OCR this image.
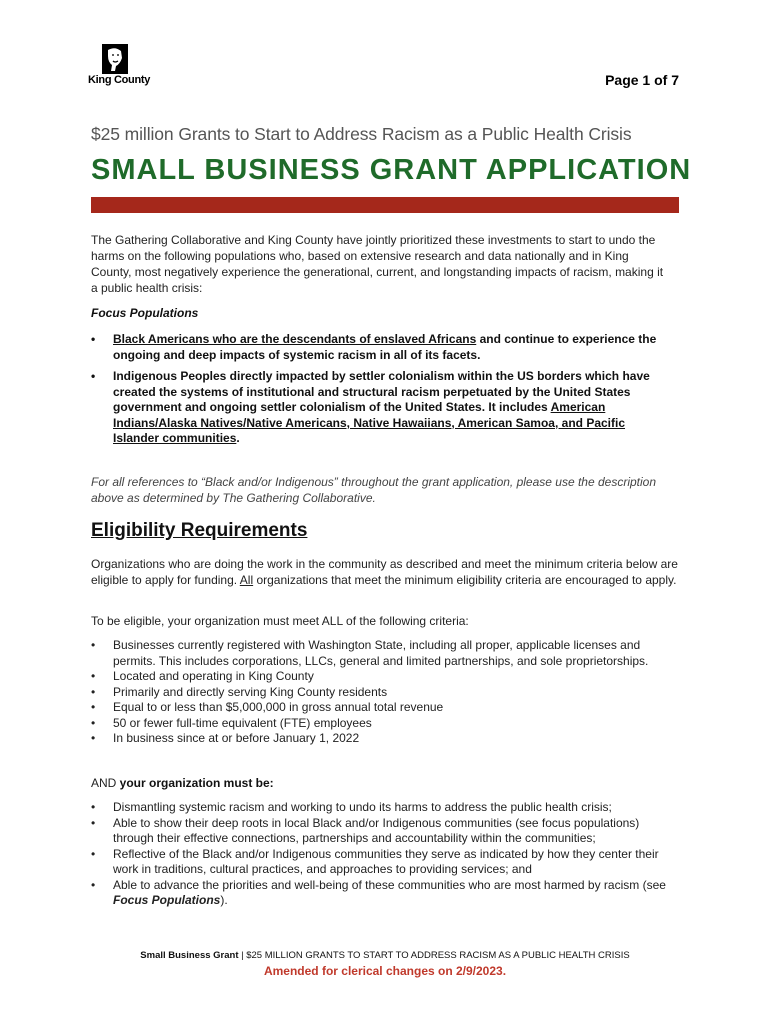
King County	Page 1 of 7
$25 million Grants to Start to Address Racism as a Public Health Crisis
SMALL BUSINESS GRANT APPLICATION

The Gathering Collaborative and King County have jointly prioritized these investments to start to undo the harms on the following populations who, based on extensive research and data nationally and in King County, most negatively experience the generational, current, and longstanding impacts of racism, making it a public health crisis:

Focus Populations

• Black Americans who are the descendants of enslaved Africans and continue to experience the ongoing and deep impacts of systemic racism in all of its facets.
• Indigenous Peoples directly impacted by settler colonialism within the US borders which have created the systems of institutional and structural racism perpetuated by the United States government and ongoing settler colonialism of the United States. It includes American Indians/Alaska Natives/Native Americans, Native Hawaiians, American Samoa, and Pacific Islander communities.

For all references to “Black and/or Indigenous” throughout the grant application, please use the description above as determined by The Gathering Collaborative.

Eligibility Requirements

Organizations who are doing the work in the community as described and meet the minimum criteria below are eligible to apply for funding. All organizations that meet the minimum eligibility criteria are encouraged to apply.

To be eligible, your organization must meet ALL of the following criteria:

• Businesses currently registered with Washington State, including all proper, applicable licenses and permits. This includes corporations, LLCs, general and limited partnerships, and sole proprietorships.
• Located and operating in King County
• Primarily and directly serving King County residents
• Equal to or less than $5,000,000 in gross annual total revenue
• 50 or fewer full-time equivalent (FTE) employees
• In business since at or before January 1, 2022

AND your organization must be:

• Dismantling systemic racism and working to undo its harms to address the public health crisis;
• Able to show their deep roots in local Black and/or Indigenous communities (see focus populations) through their effective connections, partnerships and accountability within the communities;
• Reflective of the Black and/or Indigenous communities they serve as indicated by how they center their work in traditions, cultural practices, and approaches to providing services; and
• Able to advance the priorities and well-being of these communities who are most harmed by racism (see Focus Populations).
Small Business Grant | $25 MILLION GRANTS TO START TO ADDRESS RACISM AS A PUBLIC HEALTH CRISIS
Amended for clerical changes on 2/9/2023.
